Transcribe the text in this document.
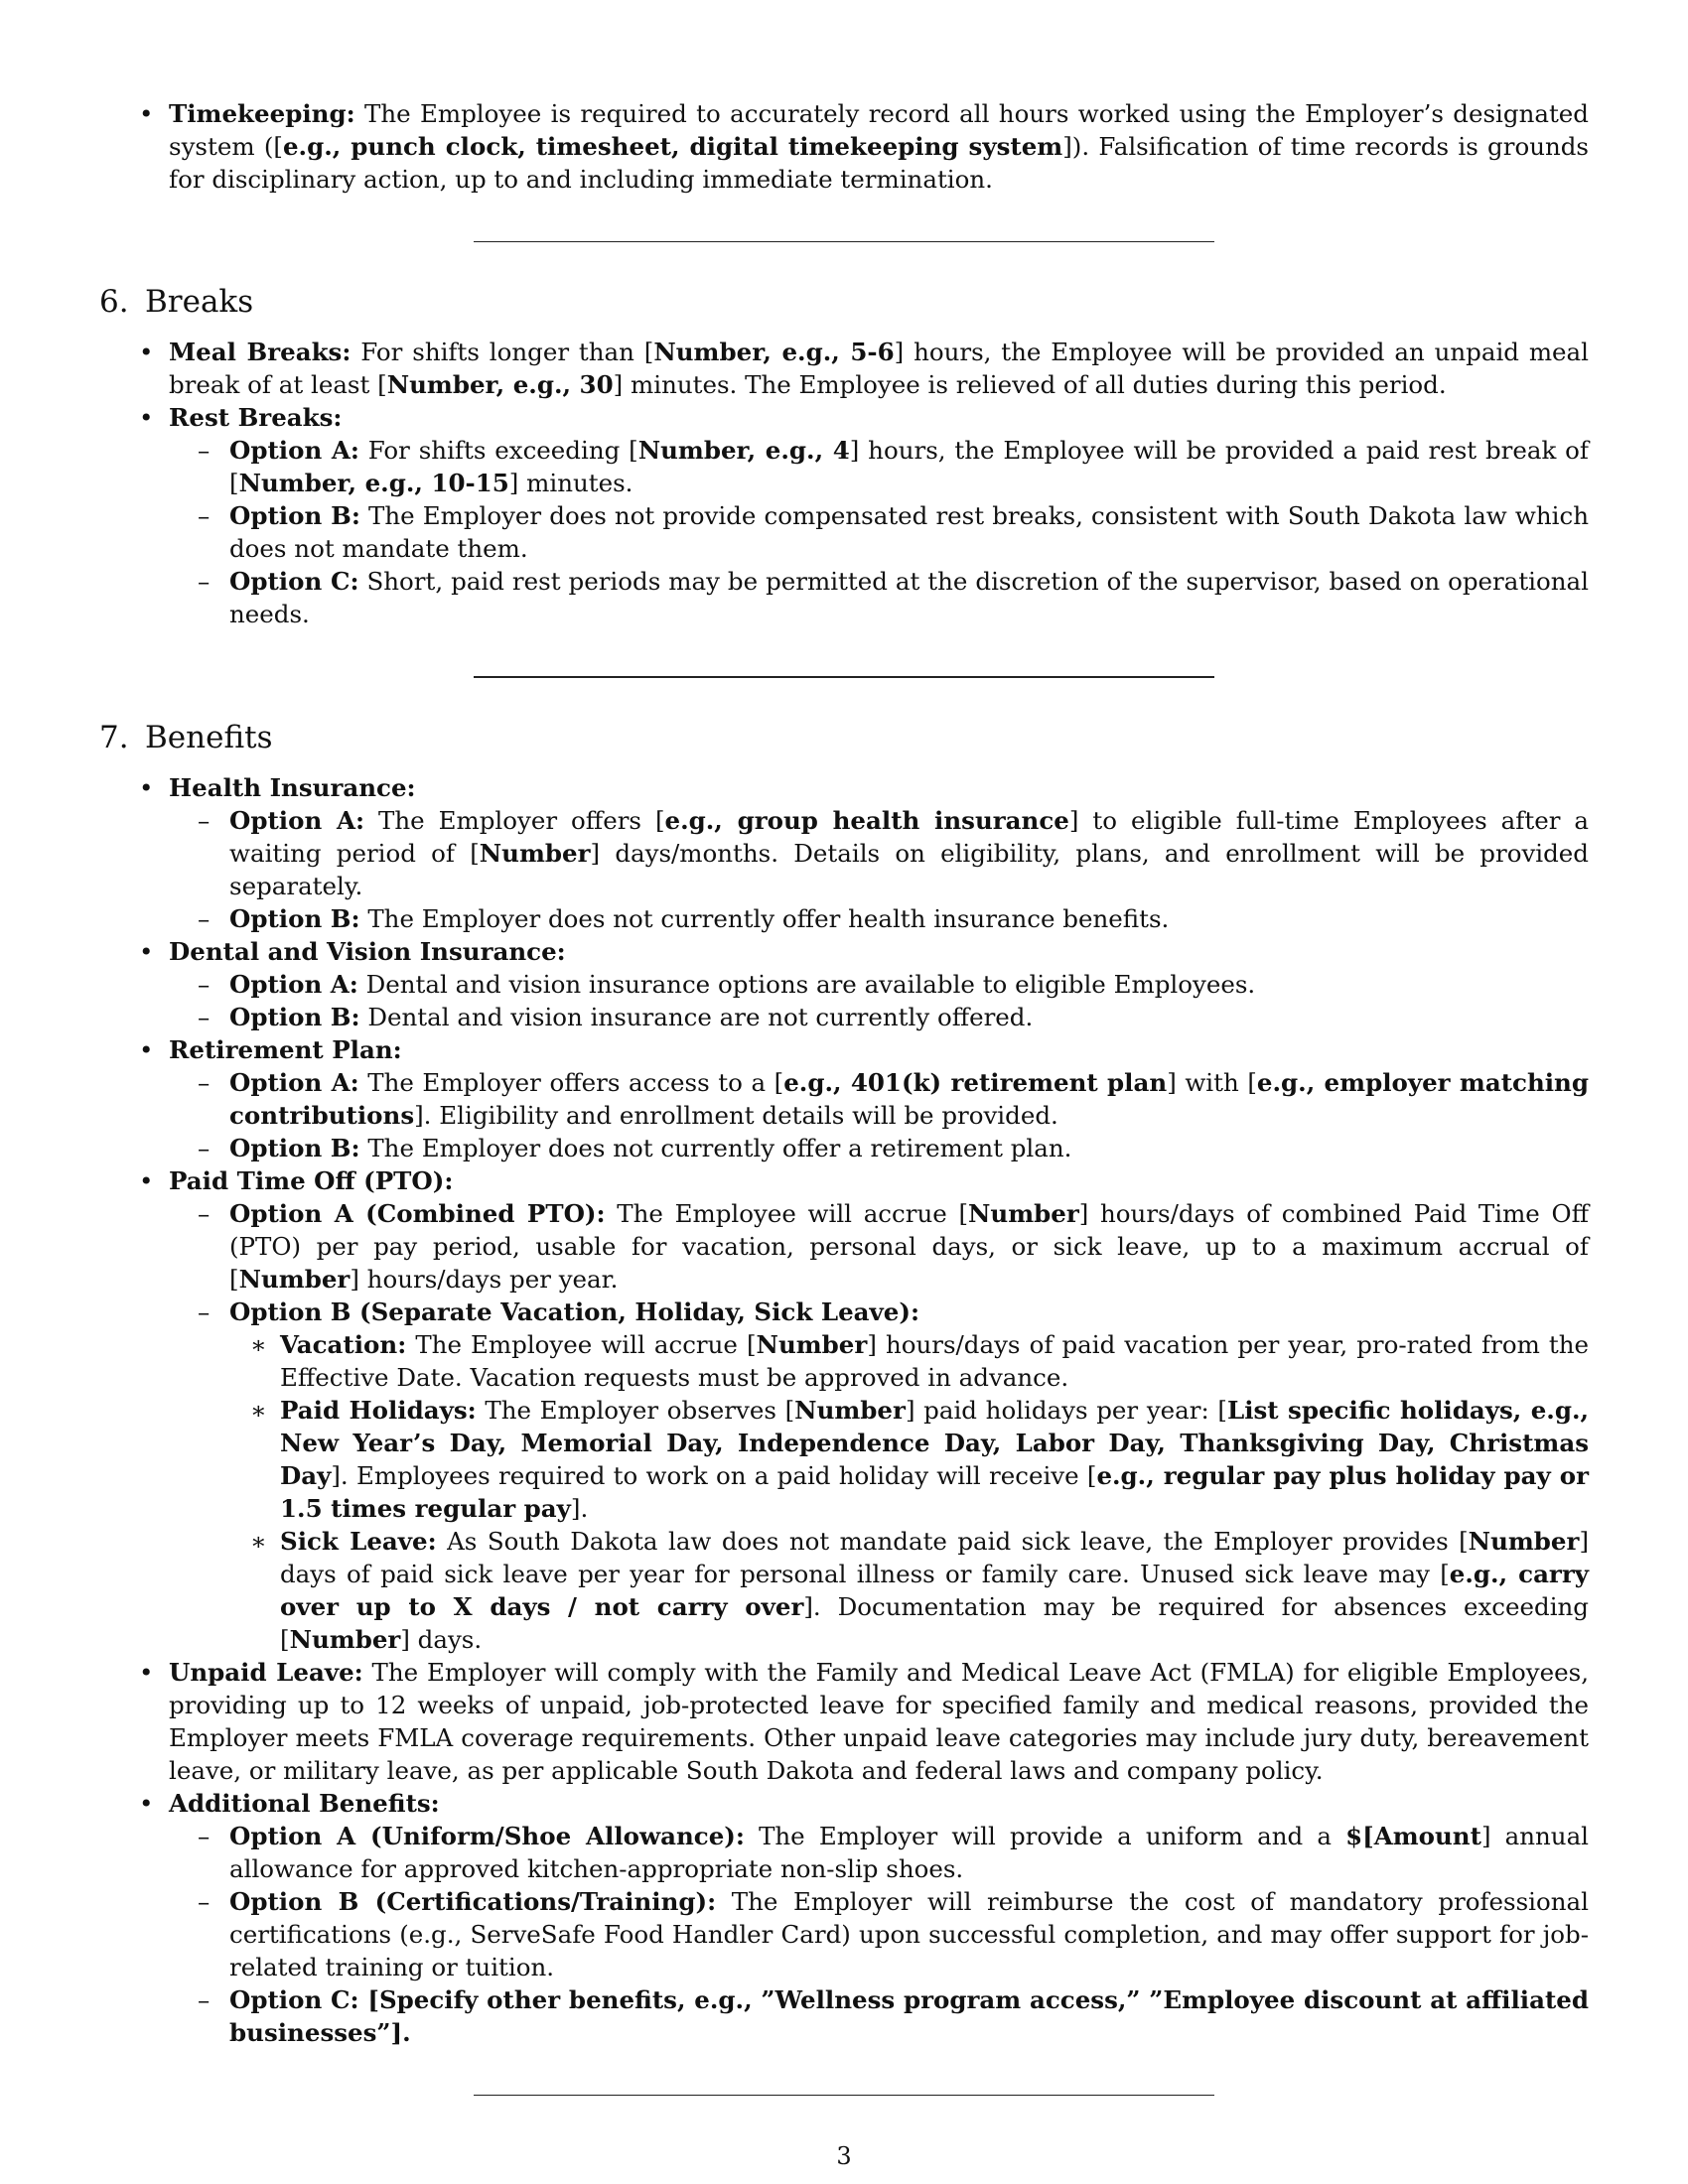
• Timekeeping: The Employee is required to accurately record all hours worked using the Employer’s designated system ([e.g., punch clock, timesheet, digital timekeeping system]). Falsification of time records is grounds for disciplinary action, up to and including immediate termination.

6. Breaks

• Meal Breaks: For shifts longer than [Number, e.g., 5-6] hours, the Employee will be provided an unpaid meal break of at least [Number, e.g., 30] minutes. The Employee is relieved of all duties during this period.

• Rest Breaks:

– Option A: For shifts exceeding [Number, e.g., 4] hours, the Employee will be provided a paid rest break of [Number, e.g., 10-15] minutes.

– Option B: The Employer does not provide compensated rest breaks, consistent with South Dakota law which does not mandate them.

– Option C: Short, paid rest periods may be permitted at the discretion of the supervisor, based on operational needs.

7. Benefits

• Health Insurance:

– Option A: The Employer offers [e.g., group health insurance] to eligible full-time Employees after a waiting period of [Number] days/months. Details on eligibility, plans, and enrollment will be provided separately.

– Option B: The Employer does not currently offer health insurance benefits.

• Dental and Vision Insurance:

– Option A: Dental and vision insurance options are available to eligible Employees.

– Option B: Dental and vision insurance are not currently offered.

• Retirement Plan:

– Option A: The Employer offers access to a [e.g., 401(k) retirement plan] with [e.g., employer matching contributions]. Eligibility and enrollment details will be provided.

– Option B: The Employer does not currently offer a retirement plan.

• Paid Time Off (PTO):

– Option A (Combined PTO): The Employee will accrue [Number] hours/days of combined Paid Time Off (PTO) per pay period, usable for vacation, personal days, or sick leave, up to a maximum accrual of [Number] hours/days per year.

– Option B (Separate Vacation, Holiday, Sick Leave):

∗ Vacation: The Employee will accrue [Number] hours/days of paid vacation per year, pro-rated from the Effective Date. Vacation requests must be approved in advance.

∗ Paid Holidays: The Employer observes [Number] paid holidays per year: [List specific holidays, e.g., New Year’s Day, Memorial Day, Independence Day, Labor Day, Thanksgiving Day, Christmas Day]. Employees required to work on a paid holiday will receive [e.g., regular pay plus holiday pay or 1.5 times regular pay].

∗ Sick Leave: As South Dakota law does not mandate paid sick leave, the Employer provides [Number] days of paid sick leave per year for personal illness or family care. Unused sick leave may [e.g., carry over up to X days / not carry over]. Documentation may be required for absences exceeding [Number] days.

• Unpaid Leave: The Employer will comply with the Family and Medical Leave Act (FMLA) for eligible Employees, providing up to 12 weeks of unpaid, job-protected leave for specified family and medical reasons, provided the Employer meets FMLA coverage requirements. Other unpaid leave categories may include jury duty, bereavement leave, or military leave, as per applicable South Dakota and federal laws and company policy.

• Additional Benefits:

– Option A (Uniform/Shoe Allowance): The Employer will provide a uniform and a $[Amount] annual allowance for approved kitchen-appropriate non-slip shoes.

– Option B (Certifications/Training): The Employer will reimburse the cost of mandatory professional certifications (e.g., ServeSafe Food Handler Card) upon successful completion, and may offer support for job-related training or tuition.

– Option C: [Specify other benefits, e.g., ”Wellness program access,” ”Employee discount at affiliated businesses”].

3
